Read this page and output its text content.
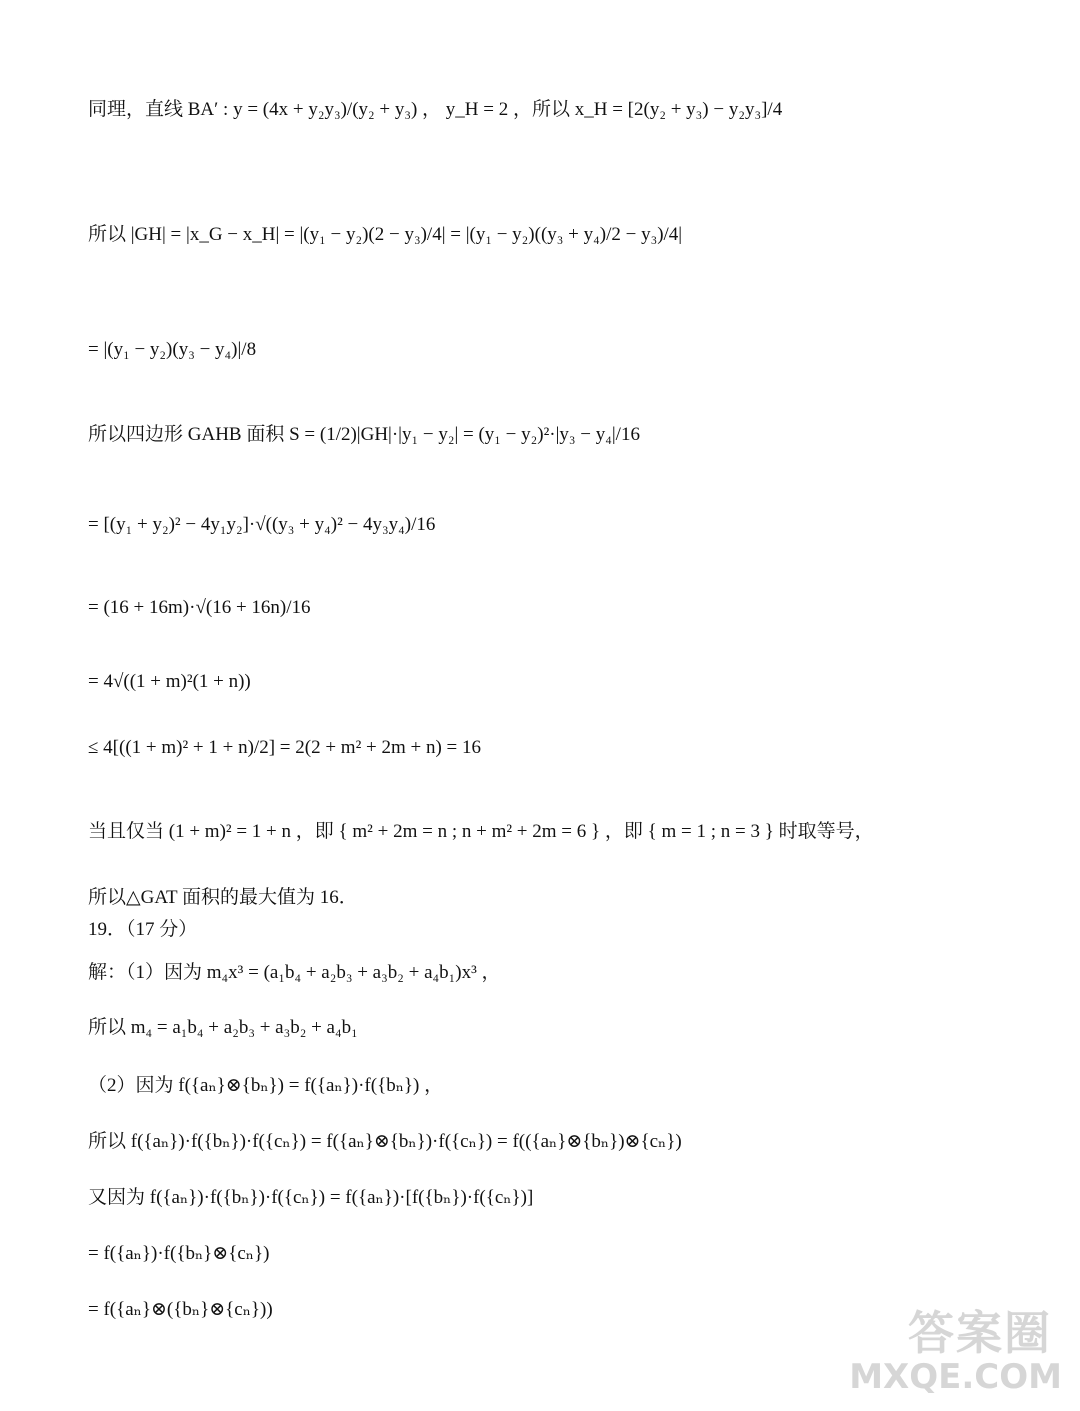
同理，直线 BA′ : y = (4x + y₂y₃)/(y₂ + y₃) ， y_H = 2 ，所以 x_H = [2(y₂ + y₃) − y₂y₃]/4
所以 |GH| = |x_G − x_H| = |(y₁ − y₂)(2 − y₃)/4| = |(y₁ − y₂)((y₃ + y₄)/2 − y₃)/4|
= |(y₁ − y₂)(y₃ − y₄)|/8
所以四边形 GAHB 面积 S = (1/2)|GH|·|y₁ − y₂| = (y₁ − y₂)²·|y₃ − y₄|/16
= [(y₁ + y₂)² − 4y₁y₂]·√((y₃ + y₄)² − 4y₃y₄)/16
= (16 + 16m)·√(16 + 16n)/16
= 4√((1 + m)²(1 + n))
≤ 4[((1 + m)² + 1 + n)/2] = 2(2 + m² + 2m + n) = 16
当且仅当 (1 + m)² = 1 + n ，即 { m² + 2m = n ; n + m² + 2m = 6 } ，即 { m = 1 ; n = 3 } 时取等号，
所以△GAT 面积的最大值为 16．
19．（17 分）
解：（1）因为 m₄x³ = (a₁b₄ + a₂b₃ + a₃b₂ + a₄b₁)x³ ，
所以 m₄ = a₁b₄ + a₂b₃ + a₃b₂ + a₄b₁
（2）因为 f({aₙ}⊗{bₙ}) = f({aₙ})·f({bₙ}) ，
所以 f({aₙ})·f({bₙ})·f({cₙ}) = f({aₙ}⊗{bₙ})·f({cₙ}) = f(({aₙ}⊗{bₙ})⊗{cₙ})
又因为 f({aₙ})·f({bₙ})·f({cₙ}) = f({aₙ})·[f({bₙ})·f({cₙ})]
= f({aₙ})·f({bₙ}⊗{cₙ})
= f({aₙ}⊗({bₙ}⊗{cₙ}))	答案圈
MXQE.COM
